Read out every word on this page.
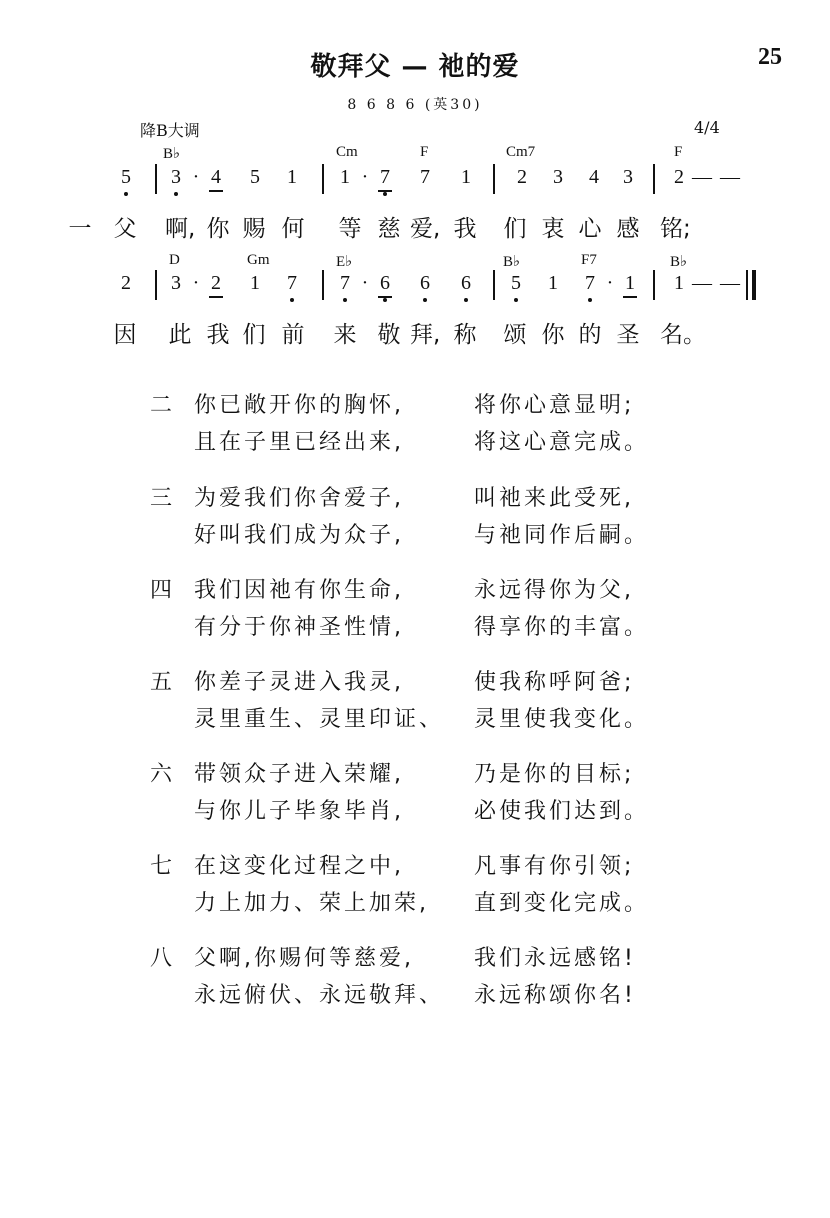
敬拜父 — 祂的爱	25
8 6 8 6 (英30)
降B大调	4/4
B♭	Cm	F	Cm7	F
5 3 · 4 5 1 1 · 7 7 1 2 3 4 3 2 — —
一 父 啊, 你 赐 何 等 慈 爱, 我 们 衷 心 感 铭;
D	Gm	E♭	B♭	F7	B♭
2 3 · 2 1 7 7 · 6 6 6 5 1 7 · 1 1 — —
因 此 我 们 前 来 敬 拜, 称 颂 你 的 圣 名。
二 你已敞开你的胸怀,	将你心意显明;
且在子里已经出来,	将这心意完成。
三 为爱我们你舍爱子,	叫祂来此受死,
好叫我们成为众子,	与祂同作后嗣。
四 我们因祂有你生命,	永远得你为父,
有分于你神圣性情,	得享你的丰富。
五 你差子灵进入我灵,	使我称呼阿爸;
灵里重生、灵里印证、 灵里使我变化。
六 带领众子进入荣耀,	乃是你的目标;
与你儿子毕象毕肖,	必使我们达到。
七 在这变化过程之中,	凡事有你引领;
力上加力、荣上加荣, 直到变化完成。
八 父啊,你赐何等慈爱,	我们永远感铭!
永远俯伏、永远敬拜、 永远称颂你名!
